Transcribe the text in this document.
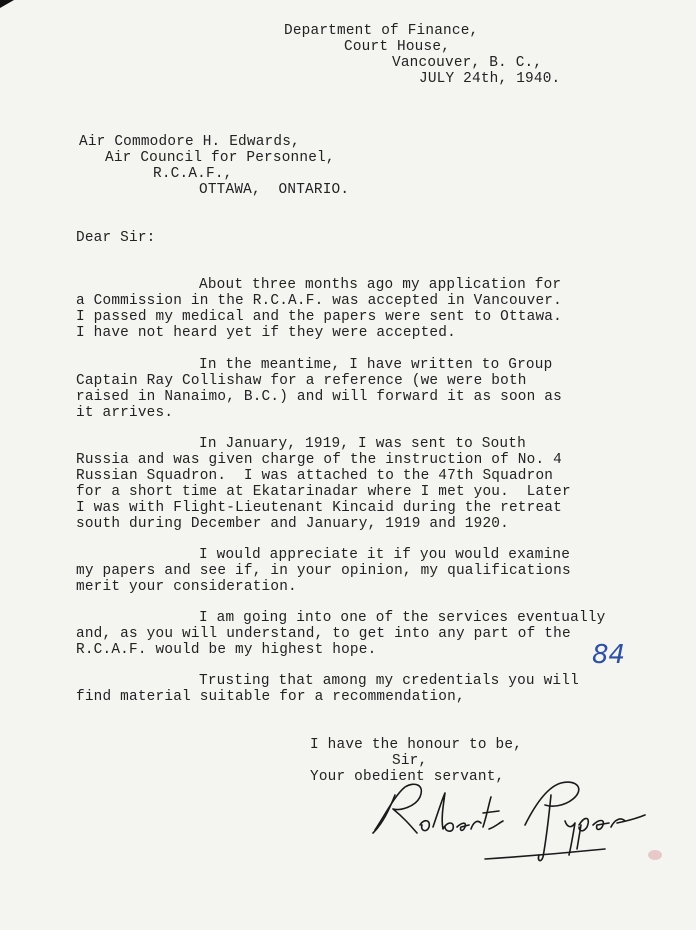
Department of Finance,
Court House,
Vancouver, B. C.,
JULY 24th, 1940.
Air Commodore H. Edwards,
Air Council for Personnel,
R.C.A.F.,
OTTAWA,  ONTARIO.
Dear Sir:
About three months ago my application for
a Commission in the R.C.A.F. was accepted in Vancouver.
I passed my medical and the papers were sent to Ottawa.
I have not heard yet if they were accepted.
In the meantime, I have written to Group
Captain Ray Collishaw for a reference (we were both
raised in Nanaimo, B.C.) and will forward it as soon as
it arrives.
In January, 1919, I was sent to South
Russia and was given charge of the instruction of No. 4
Russian Squadron.  I was attached to the 47th Squadron
for a short time at Ekatarinadar where I met you.  Later
I was with Flight-Lieutenant Kincaid during the retreat
south during December and January, 1919 and 1920.
I would appreciate it if you would examine
my papers and see if, in your opinion, my qualifications
merit your consideration.
I am going into one of the services eventually
and, as you will understand, to get into any part of the
R.C.A.F. would be my highest hope.
Trusting that among my credentials you will
find material suitable for a recommendation,
84
I have the honour to be,
Sir,
Your obedient servant,
